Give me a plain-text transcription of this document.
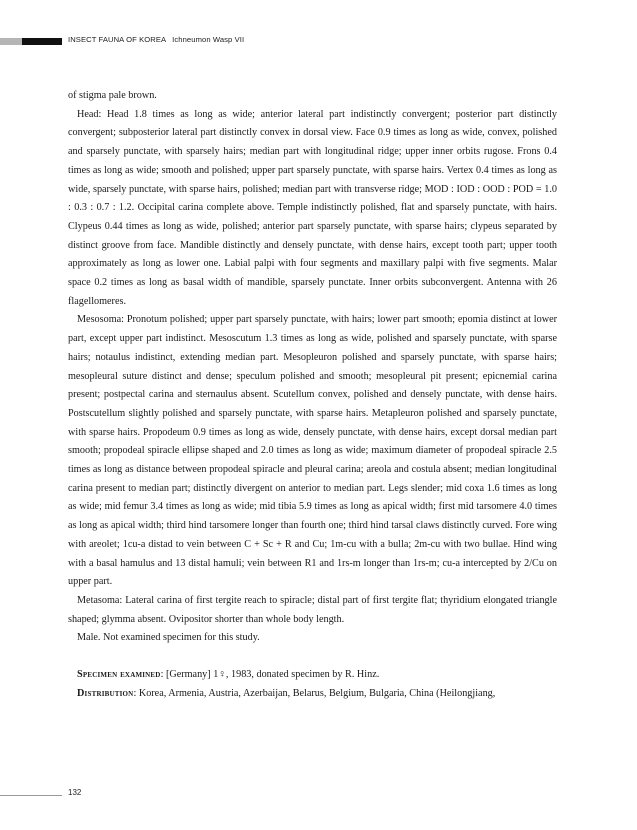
INSECT FAUNA OF KOREA Ichneumon Wasp VII

of stigma pale brown.

Head: Head 1.8 times as long as wide; anterior lateral part indistinctly convergent; posterior part distinctly convergent; subposterior lateral part distinctly convex in dorsal view. Face 0.9 times as long as wide, convex, polished and sparsely punctate, with sparsely hairs; median part with longitudinal ridge; upper inner orbits rugose. Frons 0.4 times as long as wide; smooth and polished; upper part sparsely punctate, with sparse hairs. Vertex 0.4 times as long as wide, sparsely punctate, with sparse hairs, polished; median part with transverse ridge; MOD : IOD : OOD : POD = 1.0 : 0.3 : 0.7 : 1.2. Occipital carina complete above. Temple indistinctly polished, flat and sparsely punctate, with hairs. Clypeus 0.44 times as long as wide, polished; anterior part sparsely punctate, with sparse hairs; clypeus separated by distinct groove from face. Mandible distinctly and densely punctate, with dense hairs, except tooth part; upper tooth approximately as long as lower one. Labial palpi with four segments and maxillary palpi with five segments. Malar space 0.2 times as long as basal width of mandible, sparsely punctate. Inner orbits subconvergent. Antenna with 26 flagellomeres.

Mesosoma: Pronotum polished; upper part sparsely punctate, with hairs; lower part smooth; epomia distinct at lower part, except upper part indistinct. Mesoscutum 1.3 times as long as wide, polished and sparsely punctate, with sparse hairs; notaulus indistinct, extending median part. Mesopleuron polished and sparsely punctate, with sparse hairs; mesopleural suture distinct and dense; speculum polished and smooth; mesopleural pit present; epicnemial carina present; postpectal carina and sternaulus absent. Scutellum convex, polished and densely punctate, with dense hairs. Postscutellum slightly polished and sparsely punctate, with sparse hairs. Metapleuron polished and sparsely punctate, with sparse hairs. Propodeum 0.9 times as long as wide, densely punctate, with dense hairs, except dorsal median part smooth; propodeal spiracle ellipse shaped and 2.0 times as long as wide; maximum diameter of propodeal spiracle 2.5 times as long as distance between propodeal spiracle and pleural carina; areola and costula absent; median longitudinal carina present to median part; distinctly divergent on anterior to median part. Legs slender; mid coxa 1.6 times as long as wide; mid femur 3.4 times as long as wide; mid tibia 5.9 times as long as apical width; first mid tarsomere 4.0 times as long as apical width; third hind tarsomere longer than fourth one; third hind tarsal claws distinctly curved. Fore wing with areolet; 1cu-a distad to vein between C + Sc + R and Cu; 1m-cu with a bulla; 2m-cu with two bullae. Hind wing with a basal hamulus and 13 distal hamuli; vein between R1 and 1rs-m longer than 1rs-m; cu-a intercepted by 2/Cu on upper part.

Metasoma: Lateral carina of first tergite reach to spiracle; distal part of first tergite flat; thyridium elongated triangle shaped; glymma absent. Ovipositor shorter than whole body length.

Male. Not examined specimen for this study.

Specimen examined: [Germany] 1♀, 1983, donated specimen by R. Hinz.

Distribution: Korea, Armenia, Austria, Azerbaijan, Belarus, Belgium, Bulgaria, China (Heilongjiang,

132
